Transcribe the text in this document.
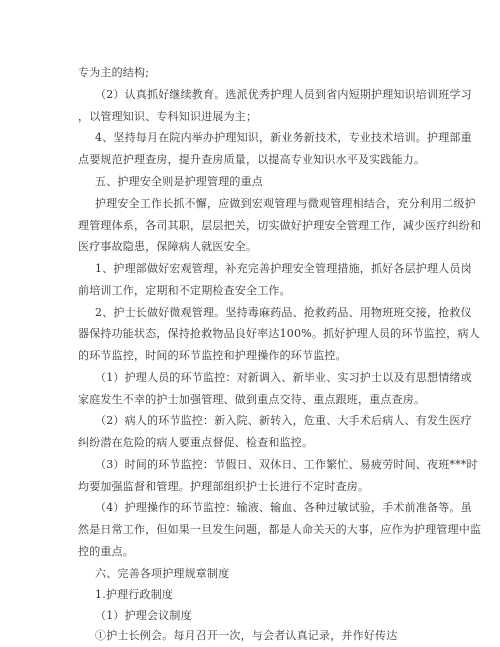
专为主的结构;
（2）认真抓好继续教育。选派优秀护理人员到省内短期护理知识培训班学习
，以管理知识、专科知识进展为主；
4、坚持每月在院内举办护理知识，新业务新技术，专业技术培训。护理部重
点要规范护理查房，提升查房质量，以提高专业知识水平及实践能力。
五、护理安全则是护理管理的重点
护理安全工作长抓不懈，应做到宏观管理与微观管理相结合，充分利用二级护
理管理体系，各司其职，层层把关，切实做好护理安全管理工作，减少医疗纠纷和
医疗事故隐患，保障病人就医安全。
1、护理部做好宏观管理，补充完善护理安全管理措施，抓好各层护理人员岗
前培训工作，定期和不定期检查安全工作。
2、护士长做好微观管理。坚持毒麻药品、抢救药品、用物班班交接，抢救仪
器保持功能状态，保持抢救物品良好率达100%。抓好护理人员的环节监控，病人
的环节监控，时间的环节监控和护理操作的环节监控。
（1）护理人员的环节监控：对新调入、新毕业、实习护士以及有思想情绪或
家庭发生不幸的护士加强管理、做到重点交待、重点跟班，重点查房。
（2）病人的环节监控：新入院、新转入，危重、大手术后病人、有发生医疗
纠纷潜在危险的病人要重点督促、检查和监控。
（3）时间的环节监控：节假日、双休日、工作繁忙、易疲劳时间、夜班***时
均要加强监督和管理。护理部组织护士长进行不定时查房。
（4）护理操作的环节监控：输液、输血、各种过敏试验，手术前准备等。虽
然是日常工作，但如果一旦发生问题，都是人命关天的大事，应作为护理管理中监
控的重点。
六、完善各项护理规章制度
1.护理行政制度
（1）护理会议制度
①护士长例会。每月召开一次，与会者认真记录，并作好传达
